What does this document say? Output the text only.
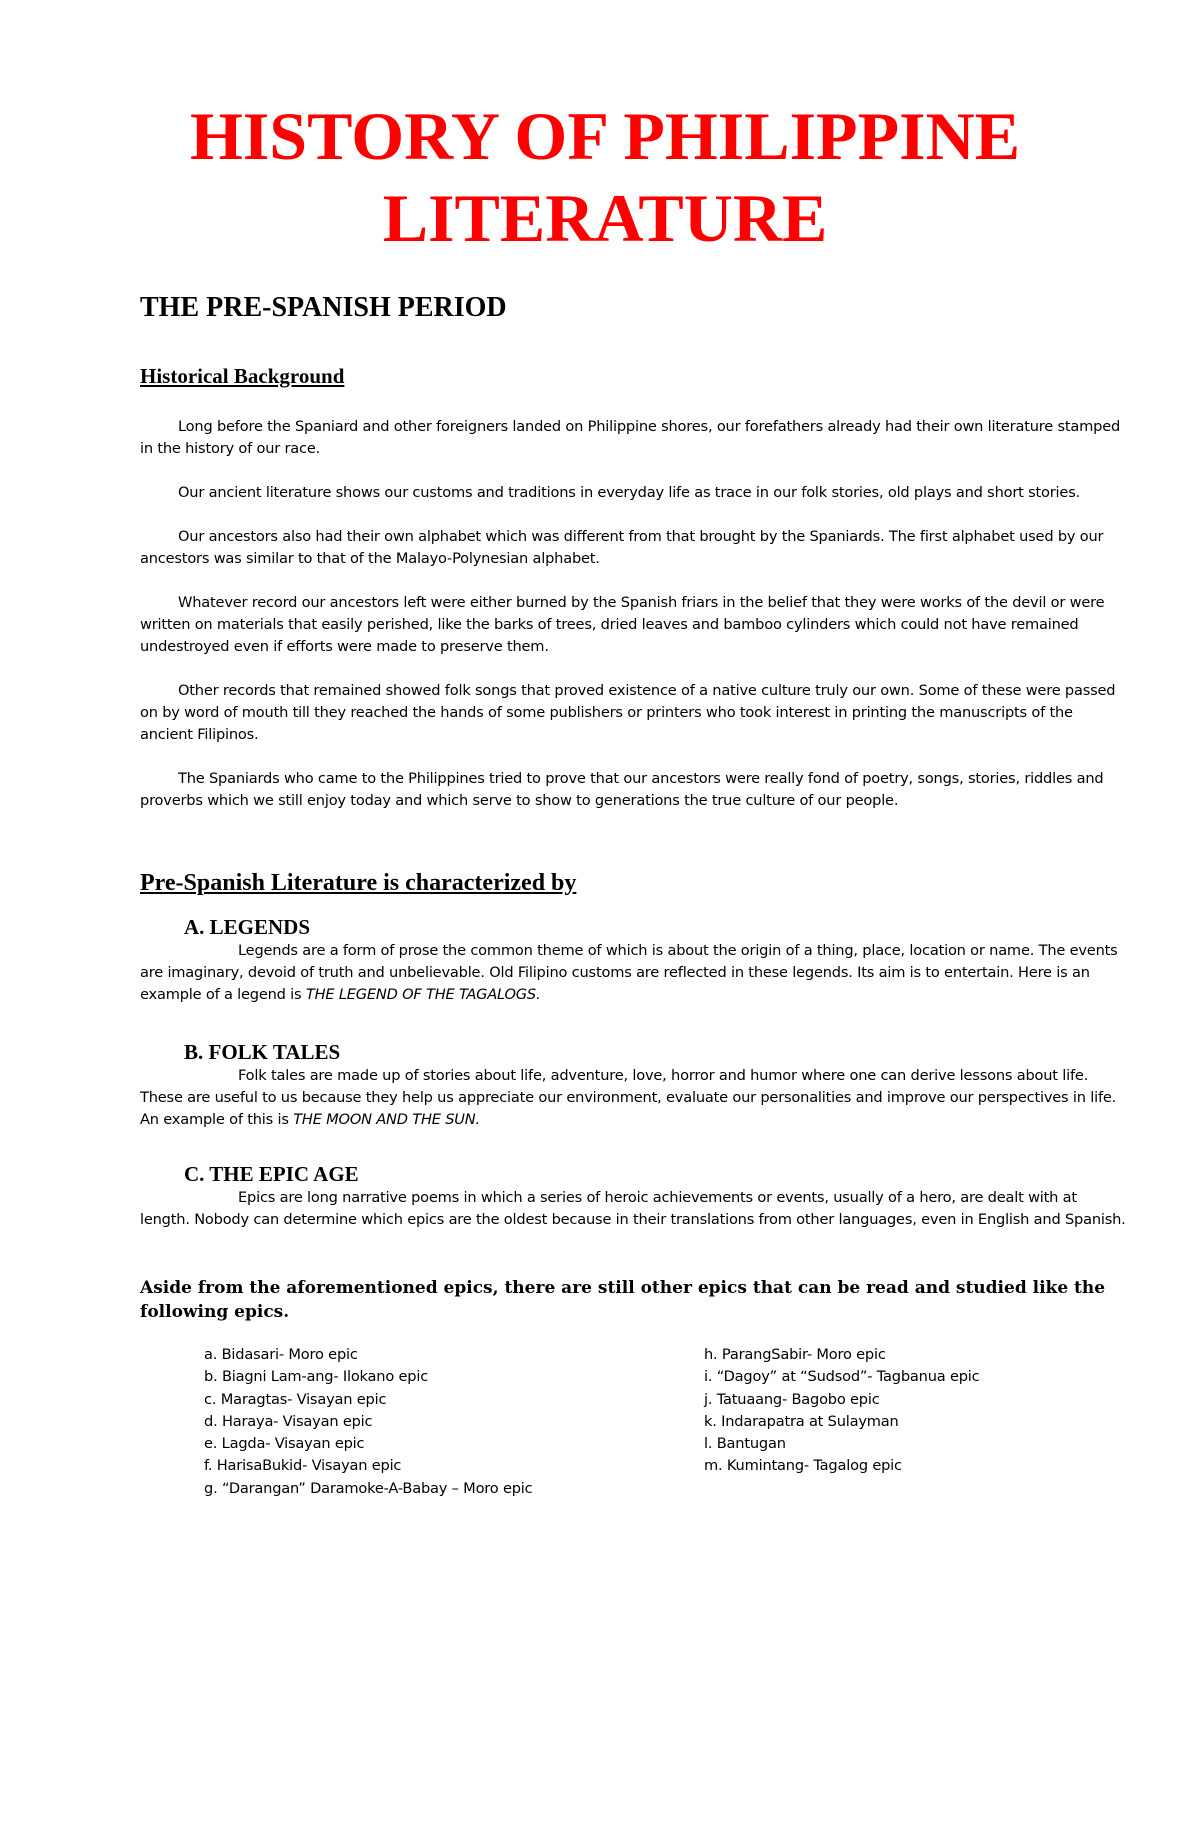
HISTORY OF PHILIPPINE LITERATURE
THE PRE-SPANISH PERIOD
Historical Background

Long before the Spaniard and other foreigners landed on Philippine shores, our forefathers already had their own literature stamped in the history of our race.

Our ancient literature shows our customs and traditions in everyday life as trace in our folk stories, old plays and short stories.

Our ancestors also had their own alphabet which was different from that brought by the Spaniards. The first alphabet used by our ancestors was similar to that of the Malayo-Polynesian alphabet.

Whatever record our ancestors left were either burned by the Spanish friars in the belief that they were works of the devil or were written on materials that easily perished, like the barks of trees, dried leaves and bamboo cylinders which could not have remained undestroyed even if efforts were made to preserve them.

Other records that remained showed folk songs that proved existence of a native culture truly our own. Some of these were passed on by word of mouth till they reached the hands of some publishers or printers who took interest in printing the manuscripts of the ancient Filipinos.

The Spaniards who came to the Philippines tried to prove that our ancestors were really fond of poetry, songs, stories, riddles and proverbs which we still enjoy today and which serve to show to generations the true culture of our people.

Pre-Spanish Literature is characterized by
A. LEGENDS

Legends are a form of prose the common theme of which is about the origin of a thing, place, location or name. The events are imaginary, devoid of truth and unbelievable. Old Filipino customs are reflected in these legends. Its aim is to entertain. Here is an example of a legend is THE LEGEND OF THE TAGALOGS.

B. FOLK TALES

Folk tales are made up of stories about life, adventure, love, horror and humor where one can derive lessons about life. These are useful to us because they help us appreciate our environment, evaluate our personalities and improve our perspectives in life. An example of this is THE MOON AND THE SUN.

C. THE EPIC AGE

Epics are long narrative poems in which a series of heroic achievements or events, usually of a hero, are dealt with at length. Nobody can determine which epics are the oldest because in their translations from other languages, even in English and Spanish.

Aside from the aforementioned epics, there are still other epics that can be read and studied like the following epics.

a. Bidasari- Moro epic
b. Biagni Lam-ang- Ilokano epic
c. Maragtas- Visayan epic
d. Haraya- Visayan epic
e. Lagda- Visayan epic
f. HarisaBukid- Visayan epic
g. “Darangan” Daramoke-A-Babay – Moro epic
h. ParangSabir- Moro epic
i. “Dagoy” at “Sudsod”- Tagbanua epic
j. Tatuaang- Bagobo epic
k. Indarapatra at Sulayman
l. Bantugan
m. Kumintang- Tagalog epic
